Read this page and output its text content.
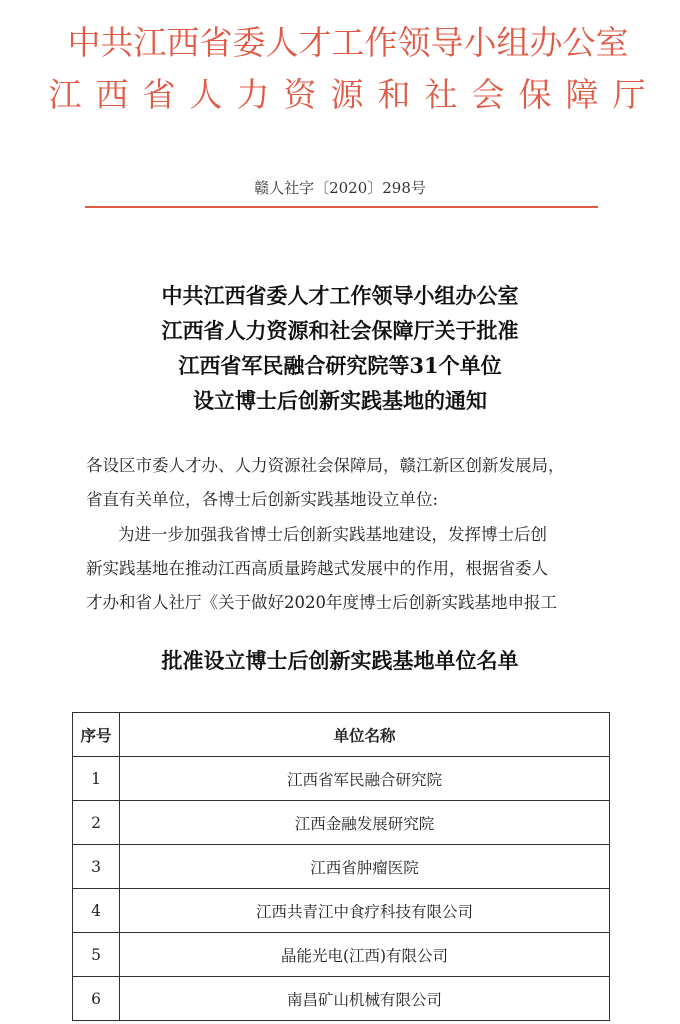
中共江西省委人才工作领导小组办公室
江西省人力资源和社会保障厅
赣人社字〔2020〕298号
中共江西省委人才工作领导小组办公室
江西省人力资源和社会保障厅关于批准
江西省军民融合研究院等31个单位
设立博士后创新实践基地的通知
各设区市委人才办、人力资源社会保障局，赣江新区创新发展局，
省直有关单位，各博士后创新实践基地设立单位:
为进一步加强我省博士后创新实践基地建设，发挥博士后创
新实践基地在推动江西高质量跨越式发展中的作用，根据省委人
才办和省人社厅《关于做好2020年度博士后创新实践基地申报工
批准设立博士后创新实践基地单位名单
序号	单位名称
1	江西省军民融合研究院
2	江西金融发展研究院
3	江西省肿瘤医院
4	江西共青江中食疗科技有限公司
5	晶能光电(江西)有限公司
6	南昌矿山机械有限公司
